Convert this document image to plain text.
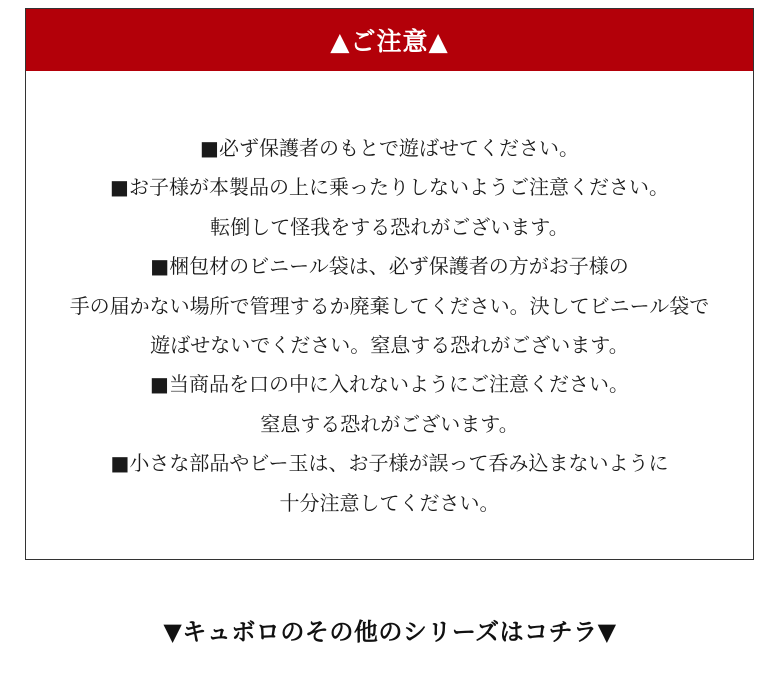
▲ご注意▲
■必ず保護者のもとで遊ばせてください。
■お子様が本製品の上に乗ったりしないようご注意ください。
転倒して怪我をする恐れがございます。
■梱包材のビニール袋は、必ず保護者の方がお子様の
手の届かない場所で管理するか廃棄してください。決してビニール袋で
遊ばせないでください。窒息する恐れがございます。
■当商品を口の中に入れないようにご注意ください。
窒息する恐れがございます。
■小さな部品やビー玉は、お子様が誤って呑み込まないように
十分注意してください。
▼キュボロのその他のシリーズはコチラ▼
